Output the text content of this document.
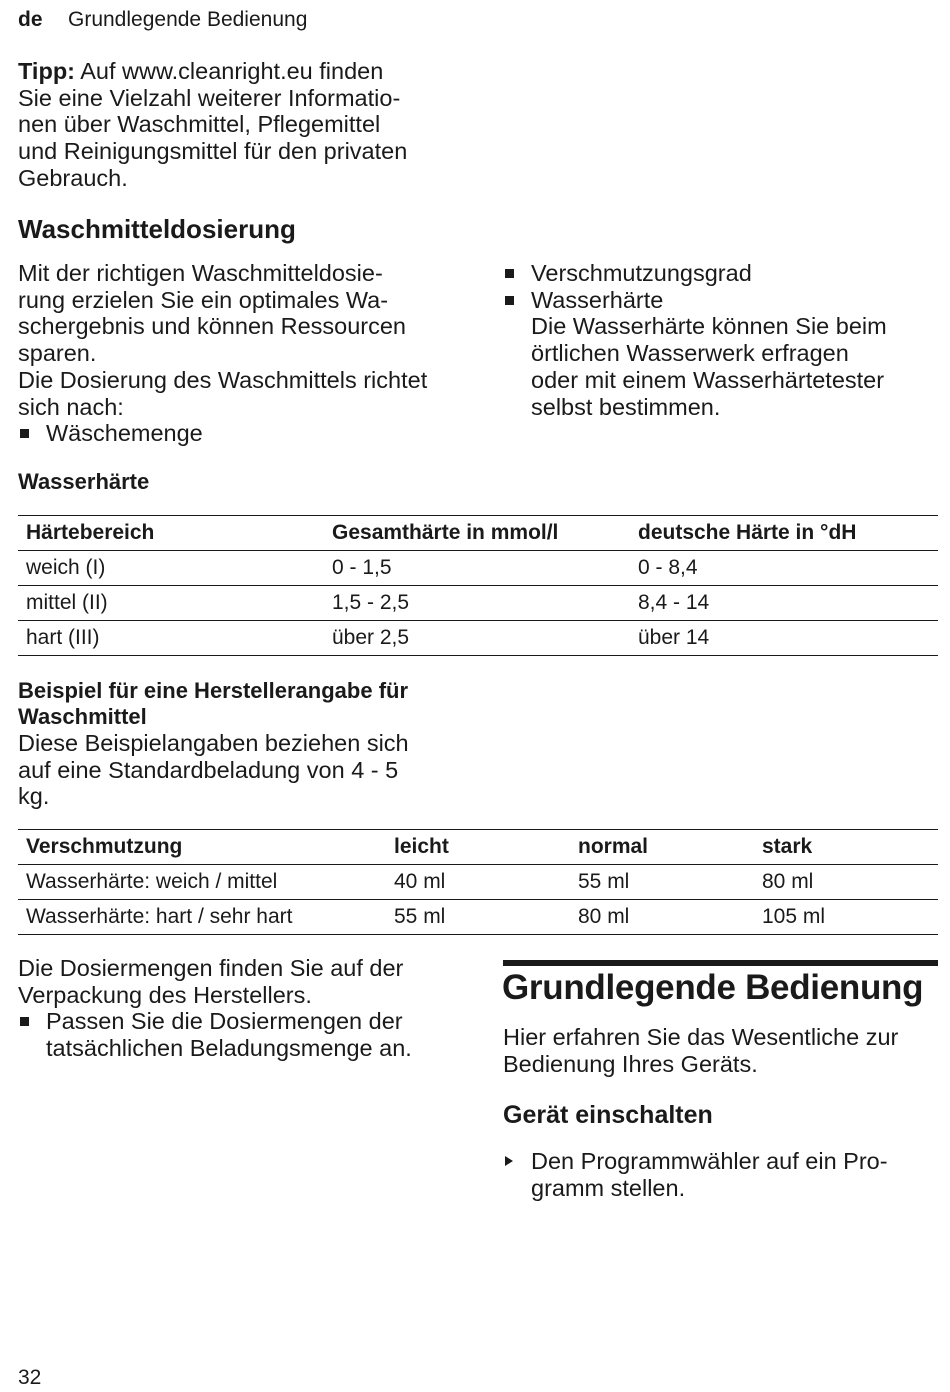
de Grundlegende Bedienung
Tipp: Auf www.cleanright.eu finden
Sie eine Vielzahl weiterer Informatio-
nen über Waschmittel, Pflegemittel
und Reinigungsmittel für den privaten
Gebrauch.
Waschmitteldosierung
Mit der richtigen Waschmitteldosie-
rung erzielen Sie ein optimales Wa-
schergebnis und können Ressourcen
sparen.
Die Dosierung des Waschmittels richtet
sich nach:
Wäschemenge
Verschmutzungsgrad
Wasserhärte
Die Wasserhärte können Sie beim
örtlichen Wasserwerk erfragen
oder mit einem Wasserhärtetester
selbst bestimmen.
Wasserhärte
Härtebereich	Gesamthärte in mmol/l	deutsche Härte in °dH
weich (I)	0 - 1,5	0 - 8,4
mittel (II)	1,5 - 2,5	8,4 - 14
hart (III)	über 2,5	über 14
Beispiel für eine Herstellerangabe für
Waschmittel
Diese Beispielangaben beziehen sich
auf eine Standardbeladung von 4 - 5
kg.
Verschmutzung	leicht	normal	stark
Wasserhärte: weich / mittel	40 ml	55 ml	80 ml
Wasserhärte: hart / sehr hart	55 ml	80 ml	105 ml
Die Dosiermengen finden Sie auf der
Verpackung des Herstellers.
Passen Sie die Dosiermengen der
tatsächlichen Beladungsmenge an.
Grundlegende Bedienung
Hier erfahren Sie das Wesentliche zur
Bedienung Ihres Geräts.
Gerät einschalten
Den Programmwähler auf ein Pro-
gramm stellen.
32
